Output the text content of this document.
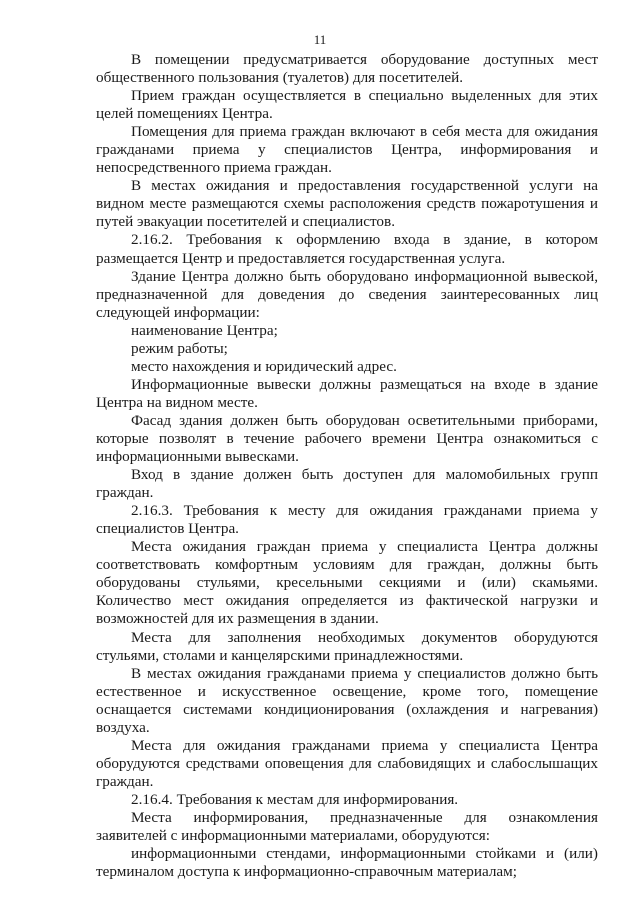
11

В помещении предусматривается оборудование доступных мест общественного пользования (туалетов) для посетителей.

Прием граждан осуществляется в специально выделенных для этих целей помещениях Центра.

Помещения для приема граждан включают в себя места для ожидания гражданами приема у специалистов Центра, информирования и непосредственного приема граждан.

В местах ожидания и предоставления государственной услуги на видном месте размещаются схемы расположения средств пожаротушения и путей эвакуации посетителей и специалистов.

2.16.2. Требования к оформлению входа в здание, в котором размещается Центр и предоставляется государственная услуга.

Здание Центра должно быть оборудовано информационной вывеской, предназначенной для доведения до сведения заинтересованных лиц следующей информации:

наименование Центра;

режим работы;

место нахождения и юридический адрес.

Информационные вывески должны размещаться на входе в здание Центра на видном месте.

Фасад здания должен быть оборудован осветительными приборами, которые позволят в течение рабочего времени Центра ознакомиться с информационными вывесками.

Вход в здание должен быть доступен для маломобильных групп граждан.

2.16.3. Требования к месту для ожидания гражданами приема у специалистов Центра.

Места ожидания граждан приема у специалиста Центра должны соответствовать комфортным условиям для граждан, должны быть оборудованы стульями, кресельными секциями и (или) скамьями. Количество мест ожидания определяется из фактической нагрузки и возможностей для их размещения в здании.

Места для заполнения необходимых документов оборудуются стульями, столами и канцелярскими принадлежностями.

В местах ожидания гражданами приема у специалистов должно быть естественное и искусственное освещение, кроме того, помещение оснащается системами кондиционирования (охлаждения и нагревания) воздуха.

Места для ожидания гражданами приема у специалиста Центра оборудуются средствами оповещения для слабовидящих и слабослышащих граждан.

2.16.4. Требования к местам для информирования.

Места информирования, предназначенные для ознакомления заявителей с информационными материалами, оборудуются:

информационными стендами, информационными стойками и (или) терминалом доступа к информационно-справочным материалам;
